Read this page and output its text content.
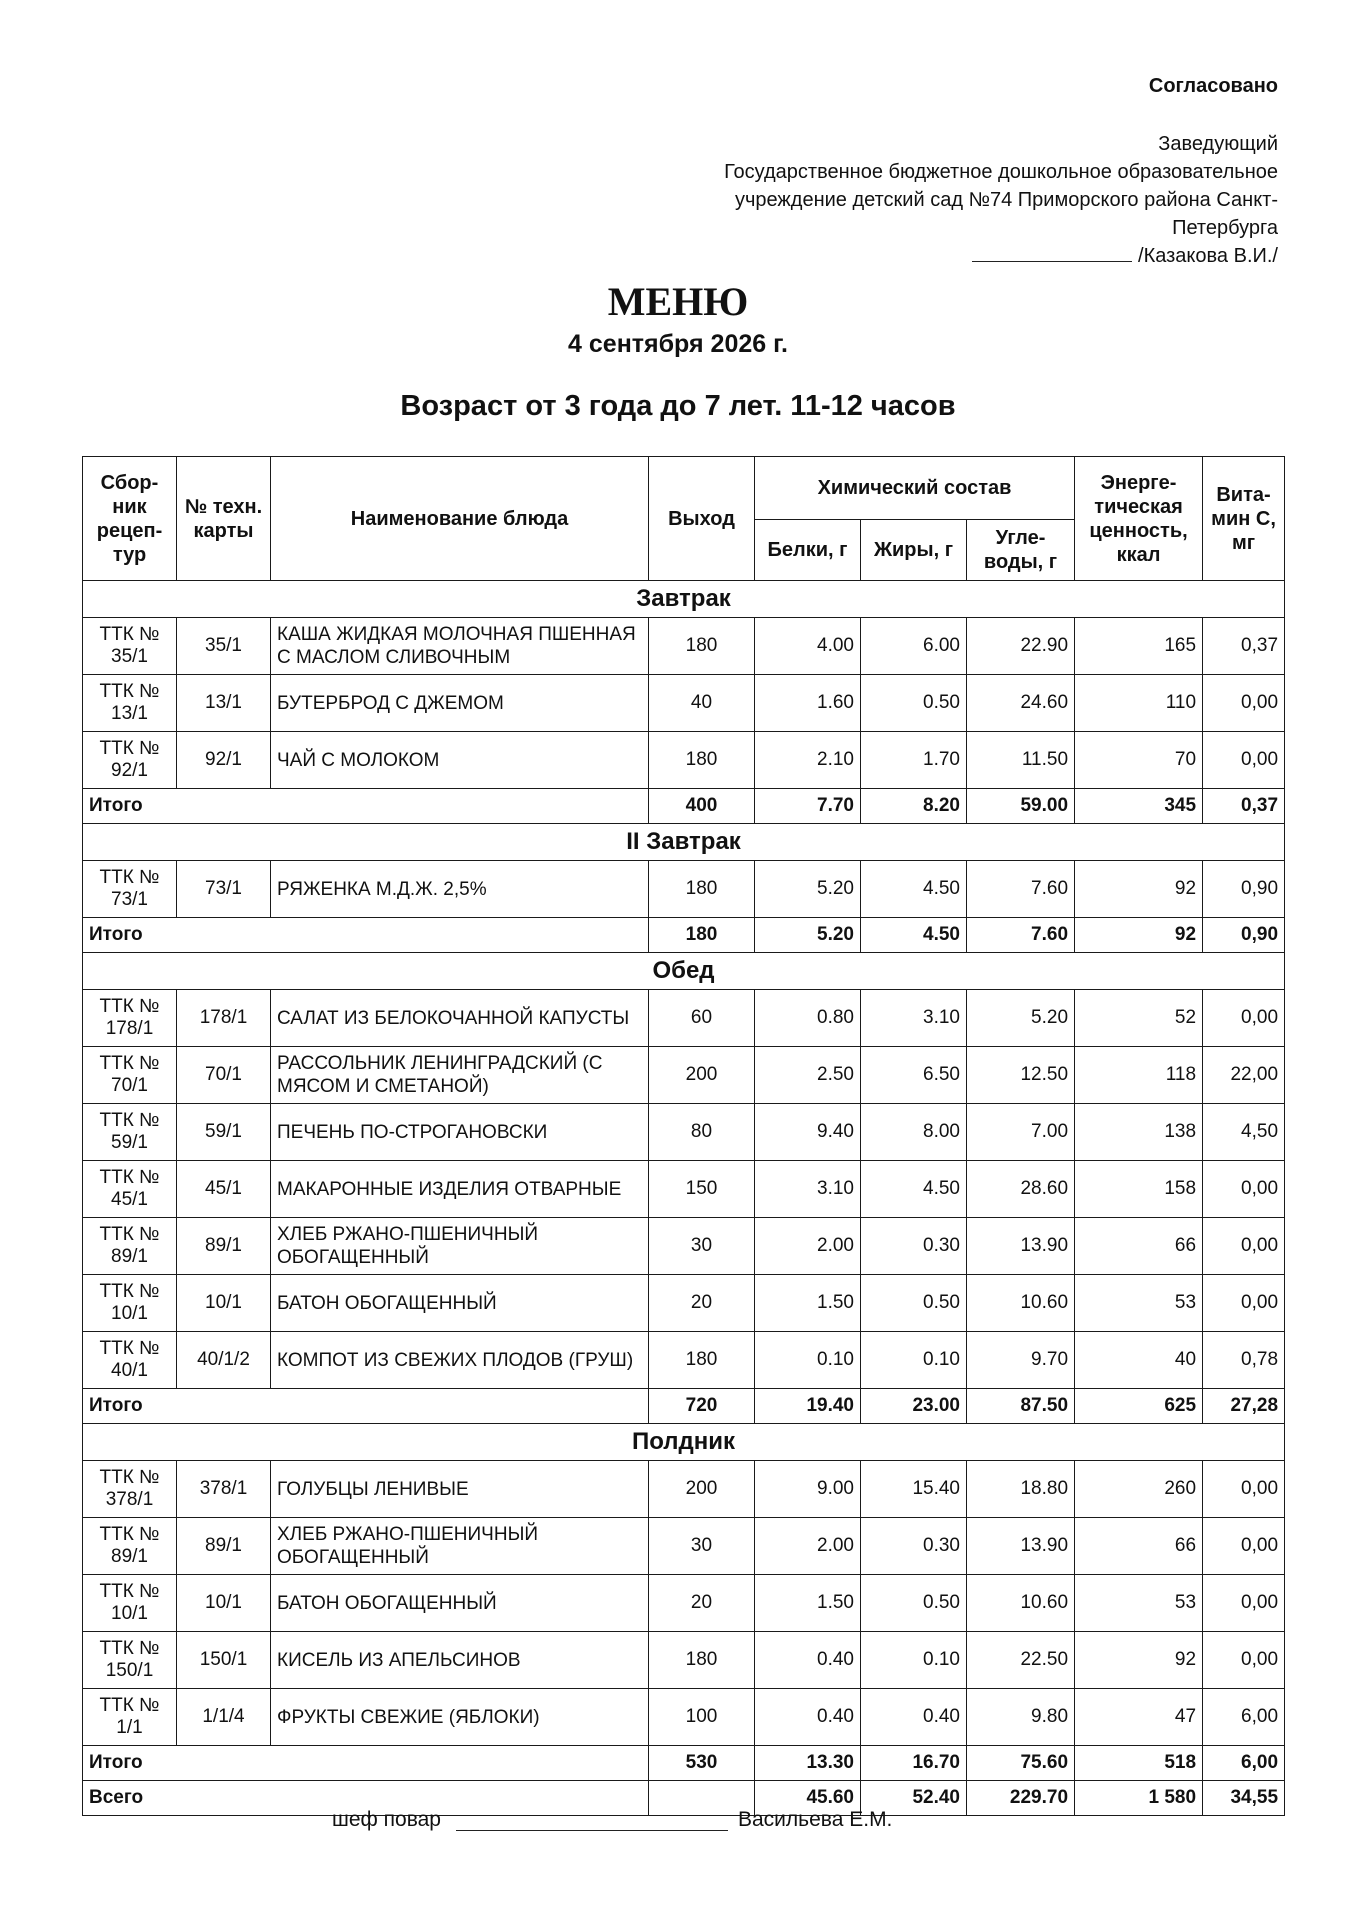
Согласовано
Заведующий
Государственное бюджетное дошкольное образовательное
учреждение детский сад №74 Приморского района Санкт-
Петербурга
/Казакова В.И./
МЕНЮ
4 сентября 2026 г.
Возраст от 3 года до 7 лет. 11-12 часов
Сбор-ник рецеп-тур	№ техн. карты	Наименование блюда	Выход	Химический состав			Энерге-тическая ценность, ккал	Вита-мин С, мг
				Белки, г	Жиры, г	Угле-воды, г		
Завтрак								
ТТК № 35/1	35/1	КАША ЖИДКАЯ МОЛОЧНАЯ ПШЕННАЯ С МАСЛОМ СЛИВОЧНЫМ	180	4.00	6.00	22.90	165	0,37
ТТК № 13/1	13/1	БУТЕРБРОД С ДЖЕМОМ	40	1.60	0.50	24.60	110	0,00
ТТК № 92/1	92/1	ЧАЙ С МОЛОКОМ	180	2.10	1.70	11.50	70	0,00
Итого			400	7.70	8.20	59.00	345	0,37
II Завтрак								
ТТК № 73/1	73/1	РЯЖЕНКА М.Д.Ж. 2,5%	180	5.20	4.50	7.60	92	0,90
Итого			180	5.20	4.50	7.60	92	0,90
Обед								
ТТК № 178/1	178/1	САЛАТ ИЗ БЕЛОКОЧАННОЙ КАПУСТЫ	60	0.80	3.10	5.20	52	0,00
ТТК № 70/1	70/1	РАССОЛЬНИК ЛЕНИНГРАДСКИЙ (С МЯСОМ И СМЕТАНОЙ)	200	2.50	6.50	12.50	118	22,00
ТТК № 59/1	59/1	ПЕЧЕНЬ ПО-СТРОГАНОВСКИ	80	9.40	8.00	7.00	138	4,50
ТТК № 45/1	45/1	МАКАРОННЫЕ ИЗДЕЛИЯ ОТВАРНЫЕ	150	3.10	4.50	28.60	158	0,00
ТТК № 89/1	89/1	ХЛЕБ РЖАНО-ПШЕНИЧНЫЙ ОБОГАЩЕННЫЙ	30	2.00	0.30	13.90	66	0,00
ТТК № 10/1	10/1	БАТОН ОБОГАЩЕННЫЙ	20	1.50	0.50	10.60	53	0,00
ТТК № 40/1	40/1/2	КОМПОТ ИЗ СВЕЖИХ ПЛОДОВ (ГРУШ)	180	0.10	0.10	9.70	40	0,78
Итого			720	19.40	23.00	87.50	625	27,28
Полдник								
ТТК № 378/1	378/1	ГОЛУБЦЫ ЛЕНИВЫЕ	200	9.00	15.40	18.80	260	0,00
ТТК № 89/1	89/1	ХЛЕБ РЖАНО-ПШЕНИЧНЫЙ ОБОГАЩЕННЫЙ	30	2.00	0.30	13.90	66	0,00
ТТК № 10/1	10/1	БАТОН ОБОГАЩЕННЫЙ	20	1.50	0.50	10.60	53	0,00
ТТК № 150/1	150/1	КИСЕЛЬ ИЗ АПЕЛЬСИНОВ	180	0.40	0.10	22.50	92	0,00
ТТК № 1/1	1/1/4	ФРУКТЫ СВЕЖИЕ (ЯБЛОКИ)	100	0.40	0.40	9.80	47	6,00
Итого			530	13.30	16.70	75.60	518	6,00
Всего				45.60	52.40	229.70	1 580	34,55
шеф повар	Васильева Е.М.
